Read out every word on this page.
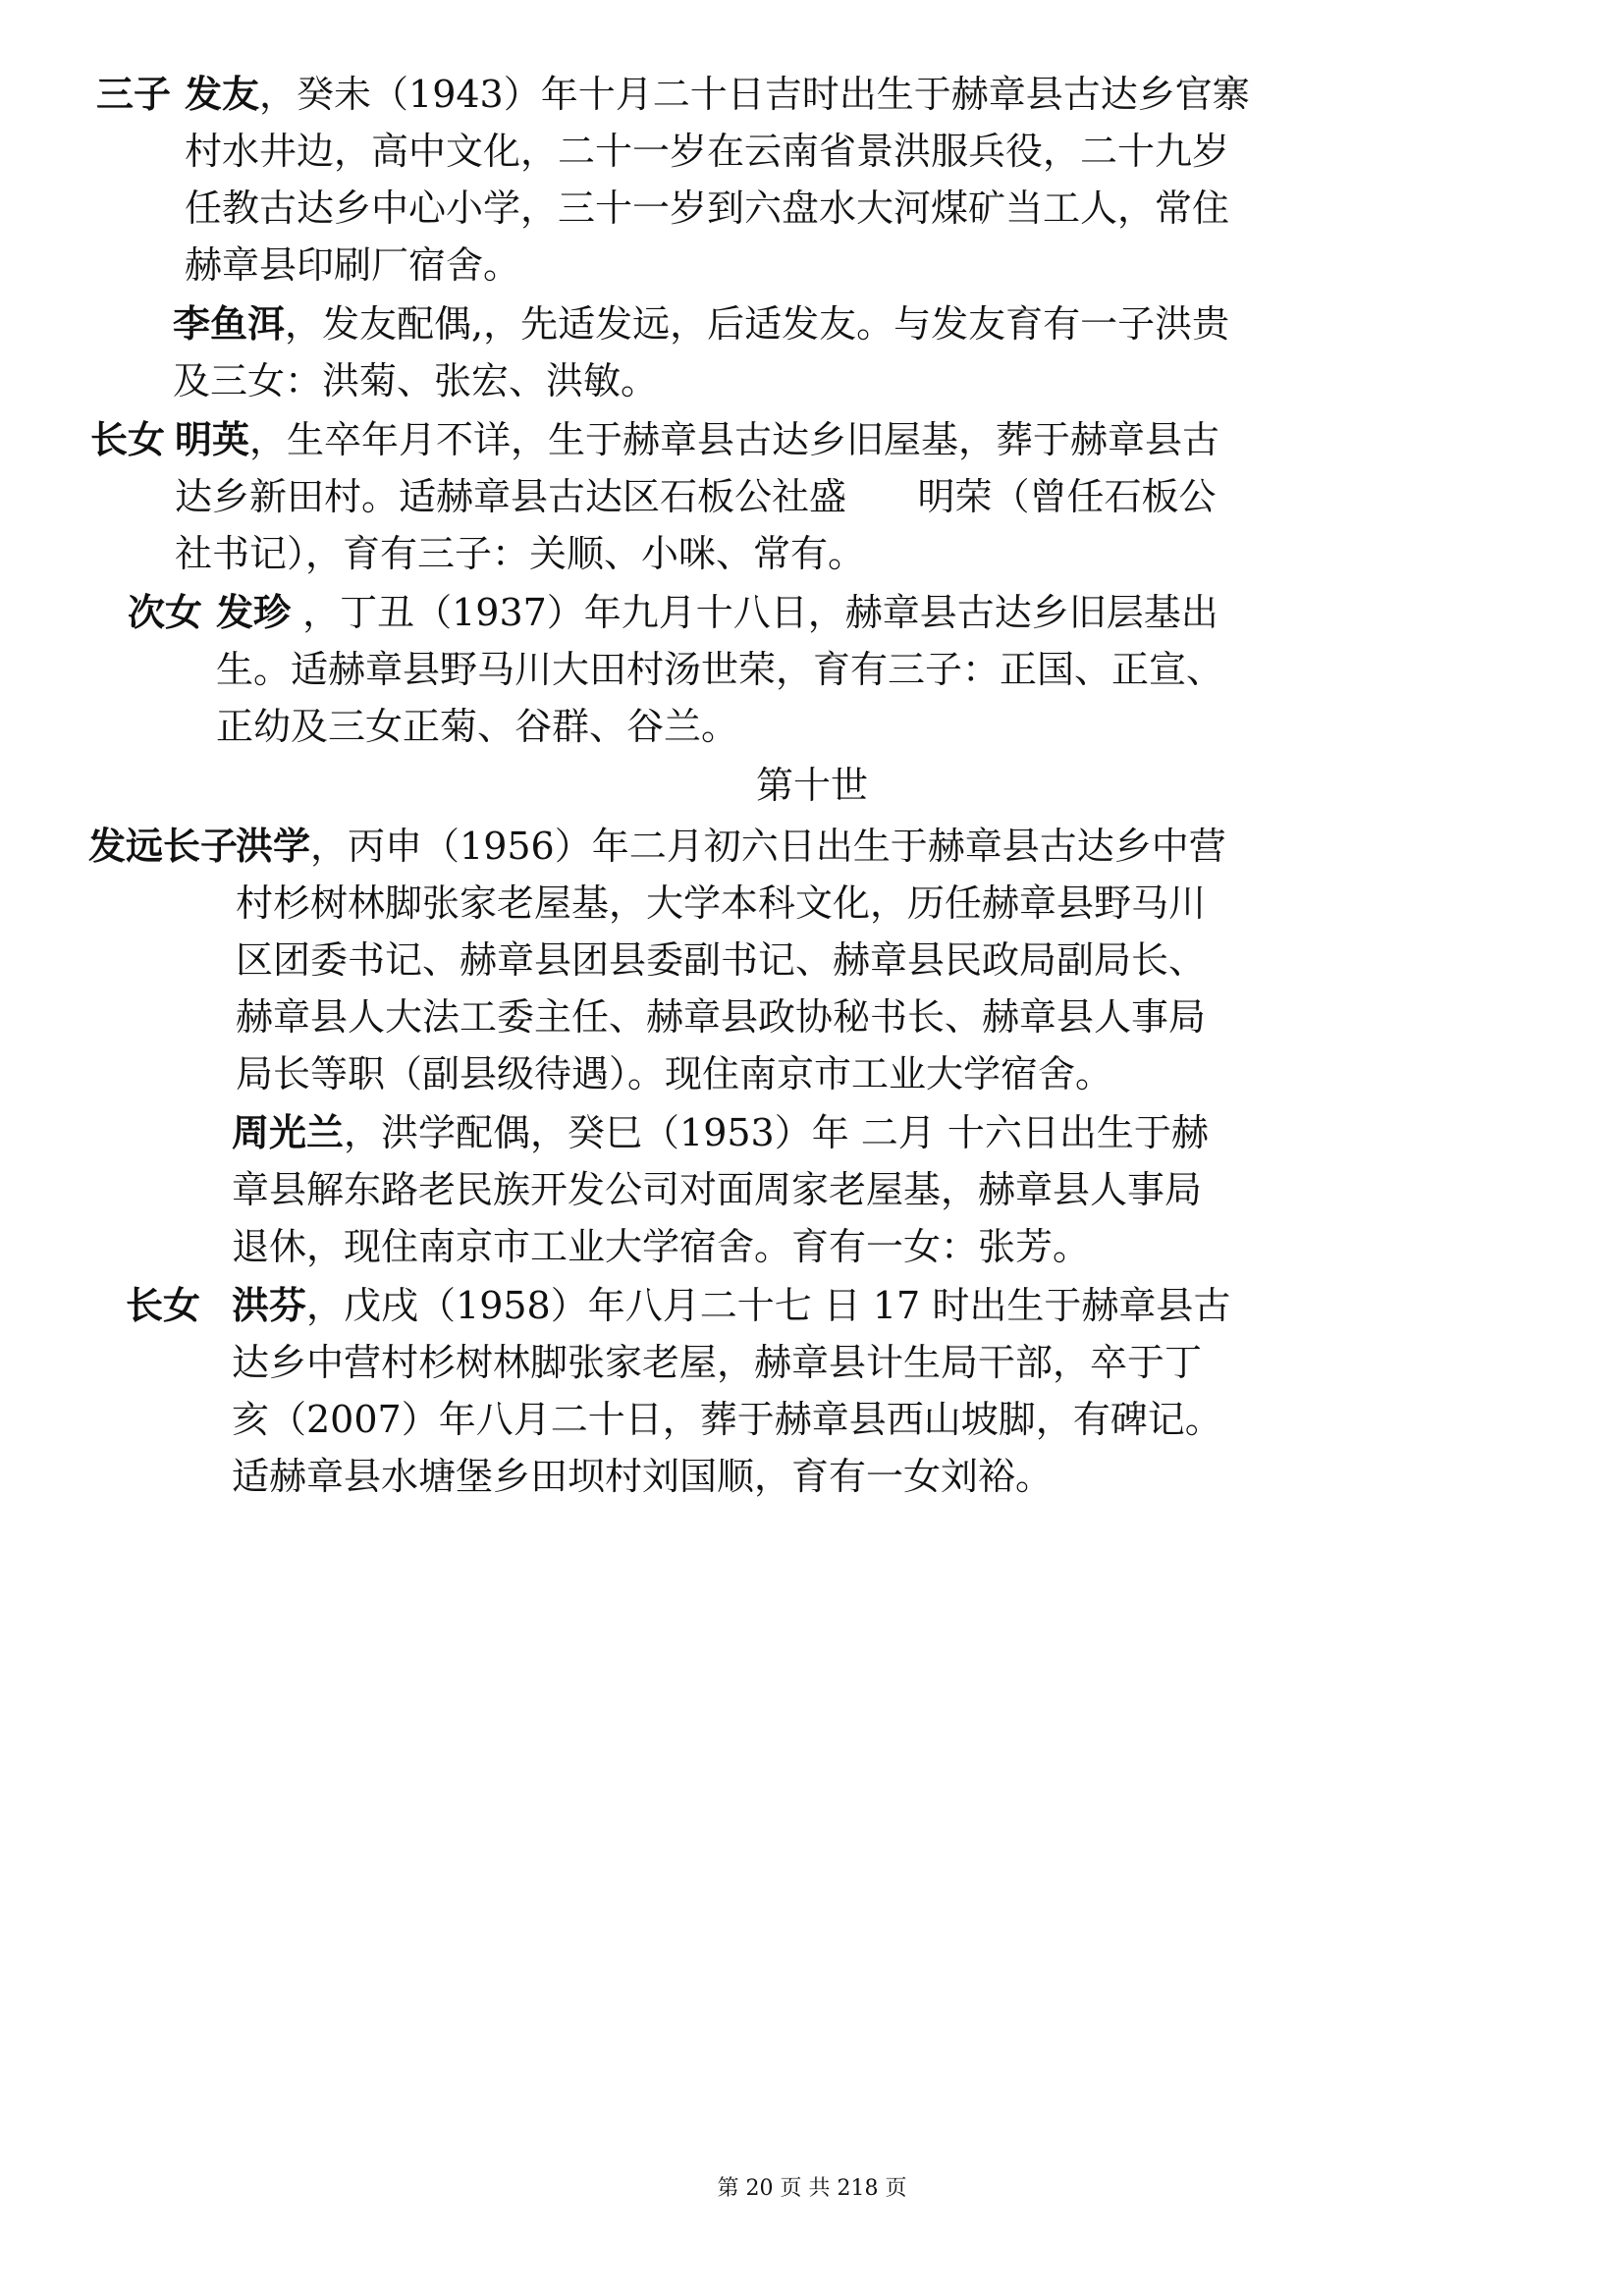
三子 发友，癸未（1943）年十月二十日吉时出生于赫章县古达乡官寨
村水井边，高中文化，二十一岁在云南省景洪服兵役，二十九岁
任教古达乡中心小学，三十一岁到六盘水大河煤矿当工人，常住
赫章县印刷厂宿舍。
李鱼洱，发友配偶,，先适发远，后适发友。与发友育有一子洪贵
及三女：洪菊、张宏、洪敏。
长女 明英，生卒年月不详，生于赫章县古达乡旧屋基，葬于赫章县古
达乡新田村。适赫章县古达区石板公社盛      明荣（曾任石板公
社书记），育有三子：关顺、小咪、常有。
次女 发珍 ，丁丑（1937）年九月十八日，赫章县古达乡旧层基出
生。适赫章县野马川大田村汤世荣，育有三子：正国、正宣、
正幼及三女正菊、谷群、谷兰。
第十世
发远长子
洪学，丙申（1956）年二月初六日出生于赫章县古达乡中营
村杉树林脚张家老屋基，大学本科文化，历任赫章县野马川
区团委书记、赫章县团县委副书记、赫章县民政局副局长、
赫章县人大法工委主任、赫章县政协秘书长、赫章县人事局
局长等职（副县级待遇）。现住南京市工业大学宿舍。
周光兰，洪学配偶，癸巳（1953）年 二月 十六日出生于赫
章县解东路老民族开发公司对面周家老屋基，赫章县人事局
退休，现住南京市工业大学宿舍。育有一女：张芳。
长女 洪芬，戊戌（1958）年八月二十七 日 17 时出生于赫章县古
达乡中营村杉树林脚张家老屋，赫章县计生局干部，卒于丁
亥（2007）年八月二十日，葬于赫章县西山坡脚，有碑记。
适赫章县水塘堡乡田坝村刘国顺，育有一女刘裕。
第 20 页 共 218 页
